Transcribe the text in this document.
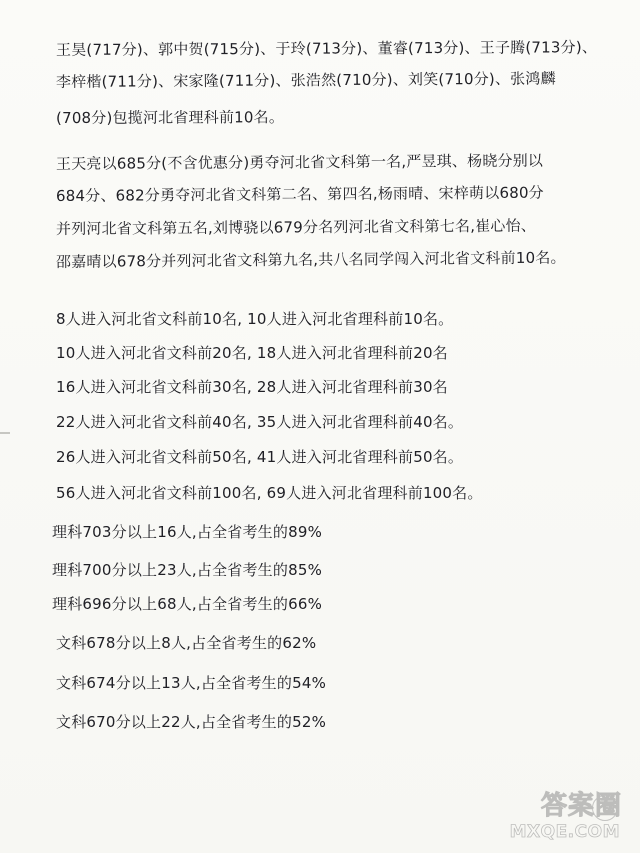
王昊(717分)、郭中贺(715分)、于玲(713分)、董睿(713分)、王子腾(713分)、
李梓楷(711分)、宋家隆(711分)、张浩然(710分)、刘笑(710分)、张鸿麟
(708分)包揽河北省理科前10名。
王天亮以685分(不含优惠分)勇夺河北省文科第一名,严昱琪、杨晓分别以
684分、682分勇夺河北省文科第二名、第四名,杨雨晴、宋梓萌以680分
并列河北省文科第五名,刘博骁以679分名列河北省文科第七名,崔心怡、
邵嘉晴以678分并列河北省文科第九名,共八名同学闯入河北省文科前10名。
8人进入河北省文科前10名, 10人进入河北省理科前10名。
10人进入河北省文科前20名, 18人进入河北省理科前20名
16人进入河北省文科前30名, 28人进入河北省理科前30名
22人进入河北省文科前40名, 35人进入河北省理科前40名。
26人进入河北省文科前50名, 41人进入河北省理科前50名。
56人进入河北省文科前100名, 69人进入河北省理科前100名。
理科703分以上16人,占全省考生的89%
理科700分以上23人,占全省考生的85%
理科696分以上68人,占全省考生的66%
文科678分以上8人,占全省考生的62%
文科674分以上13人,占全省考生的54%
文科670分以上22人,占全省考生的52%
答案圈
MXQE.COM
